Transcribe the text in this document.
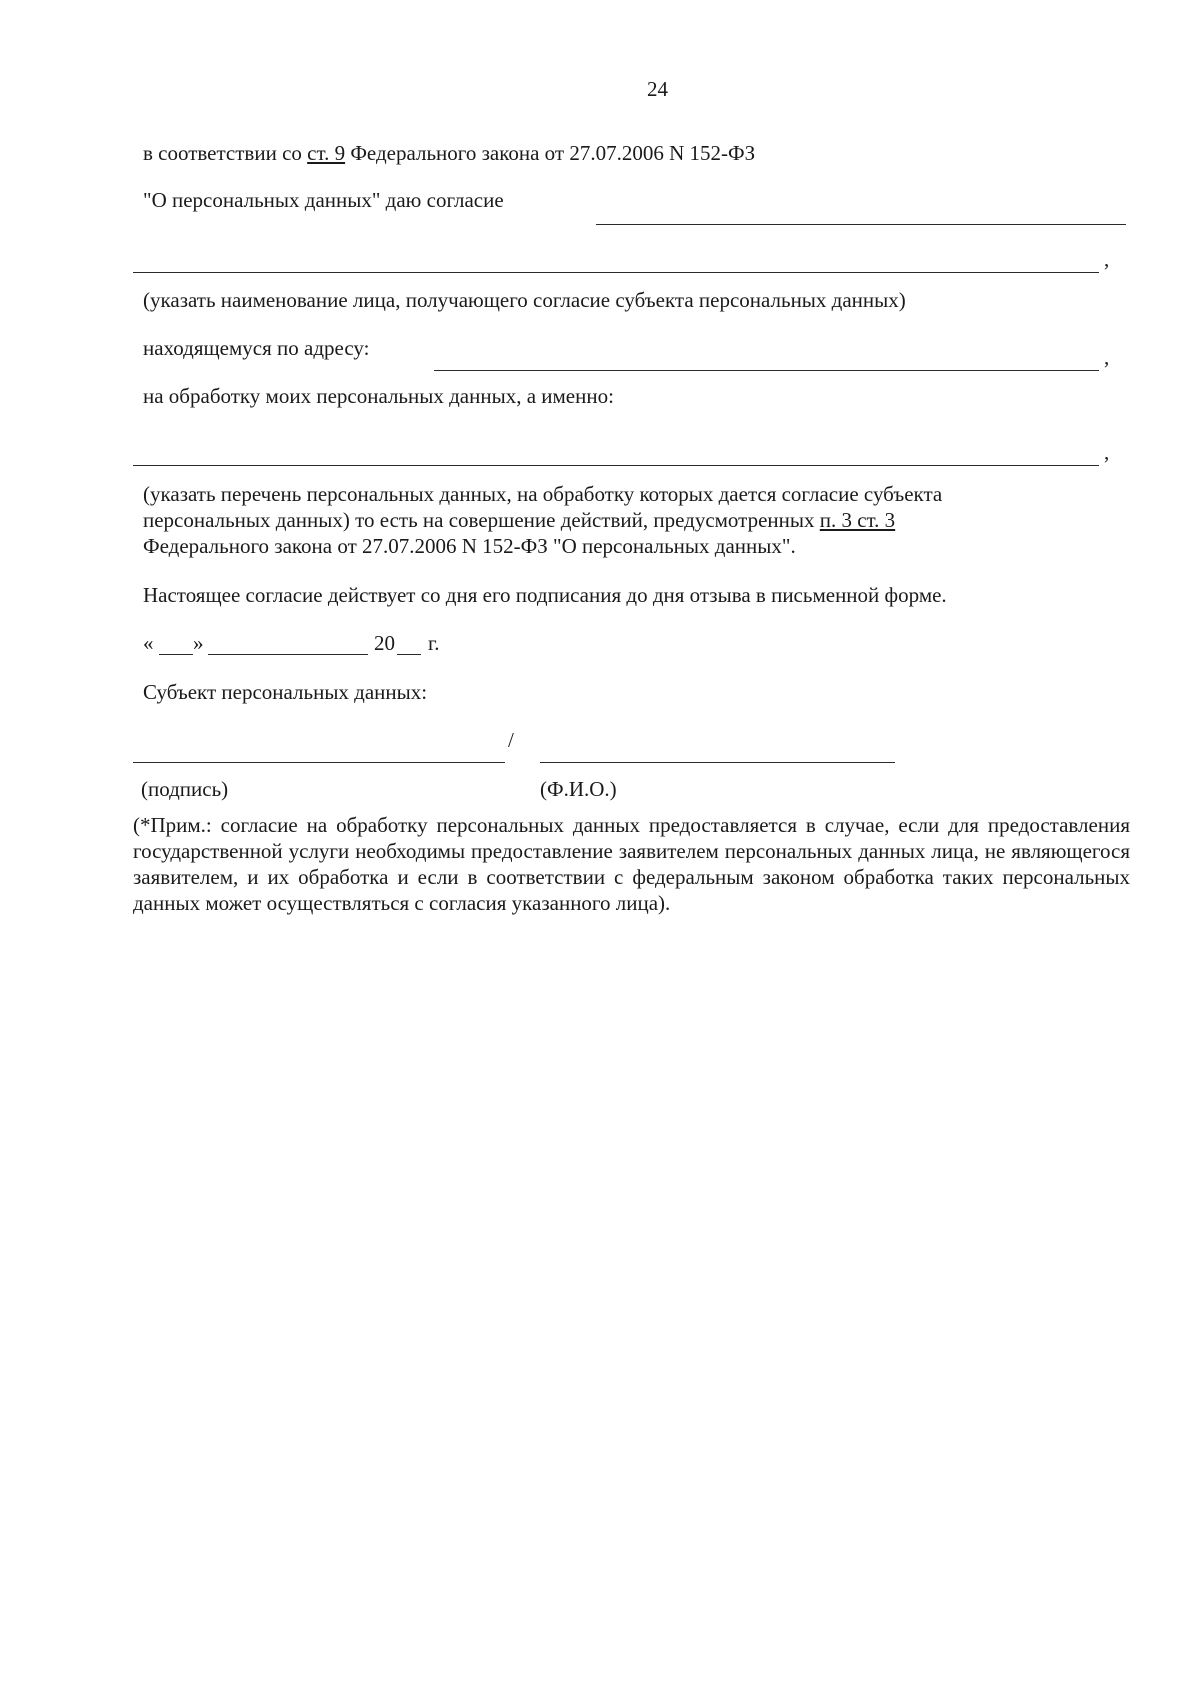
24
в соответствии со ст. 9 Федерального закона от 27.07.2006 N 152-ФЗ
"О персональных данных" даю согласие
,
(указать наименование лица, получающего согласие субъекта персональных данных)
находящемуся по адресу:	,
на обработку моих персональных данных, а именно:
,
(указать перечень персональных данных, на обработку которых дается согласие субъекта
персональных данных) то есть на совершение действий, предусмотренных п. 3 ст. 3
Федерального закона от 27.07.2006 N 152-ФЗ "О персональных данных".
Настоящее согласие действует со дня его подписания до дня отзыва в письменной форме.
« »	20 г.
Субъект персональных данных:
/
(подпись)	(Ф.И.О.)
(*Прим.: согласие на обработку персональных данных предоставляется в случае, если для предоставления государственной услуги необходимы предоставление заявителем персональных данных лица, не являющегося заявителем, и их обработка и если в соответствии с федеральным законом обработка таких персональных данных может осуществляться с согласия указанного лица).
